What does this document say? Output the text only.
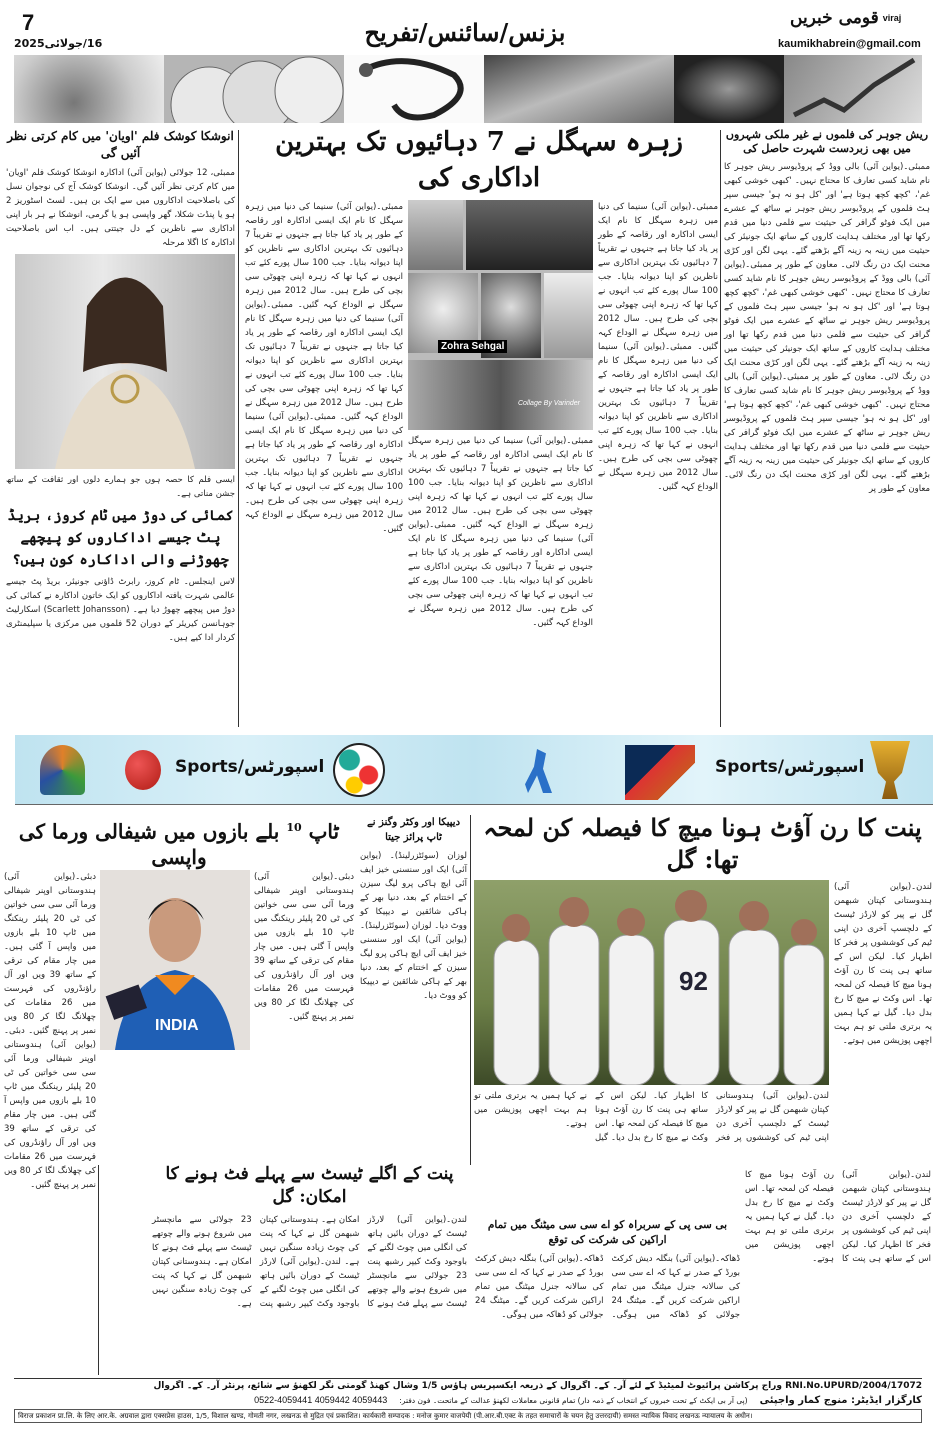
7
16/جولائی2025	بزنس/سائنس/تفریح	قومی خبریں viraj
kaumikhabrein@gmail.com
ریش جوہر کی فلموں نے غیر ملکی شہروں میں بھی زبردست شہرت حاصل کی
ممبئی۔(یواین آئی) بالی ووڈ کے پروڈیوسر ریش جوہر کا نام شاید کسی تعارف کا محتاج نہیں۔ 'کبھی خوشی کبھی غم'، 'کچھ کچھ ہوتا ہے' اور 'کل ہو نہ ہو' جیسی سپر ہٹ فلموں کے پروڈیوسر ریش جوہر نے ساٹھ کے عشرے میں ایک فوٹو گرافر کی حیثیت سے فلمی دنیا میں قدم رکھا تھا اور مختلف ہدایت کاروں کے ساتھ ایک جونیئر کی حیثیت میں زینہ بہ زینہ آگے بڑھتے گئے۔ یہی لگن اور کڑی محنت ایک دن رنگ لائی۔ معاون کے طور پر ممبئی۔(یواین آئی) بالی ووڈ کے پروڈیوسر ریش جوہر کا نام شاید کسی تعارف کا محتاج نہیں۔ 'کبھی خوشی کبھی غم'، 'کچھ کچھ ہوتا ہے' اور 'کل ہو نہ ہو' جیسی سپر ہٹ فلموں کے پروڈیوسر ریش جوہر نے ساٹھ کے عشرے میں ایک فوٹو گرافر کی حیثیت سے فلمی دنیا میں قدم رکھا تھا اور مختلف ہدایت کاروں کے ساتھ ایک جونیئر کی حیثیت میں زینہ بہ زینہ آگے بڑھتے گئے۔ یہی لگن اور کڑی محنت ایک دن رنگ لائی۔ معاون کے طور پر ممبئی۔(یواین آئی) بالی ووڈ کے پروڈیوسر ریش جوہر کا نام شاید کسی تعارف کا محتاج نہیں۔ 'کبھی خوشی کبھی غم'، 'کچھ کچھ ہوتا ہے' اور 'کل ہو نہ ہو' جیسی سپر ہٹ فلموں کے پروڈیوسر ریش جوہر نے ساٹھ کے عشرے میں ایک فوٹو گرافر کی حیثیت سے فلمی دنیا میں قدم رکھا تھا اور مختلف ہدایت کاروں کے ساتھ ایک جونیئر کی حیثیت میں زینہ بہ زینہ آگے بڑھتے گئے۔ یہی لگن اور کڑی محنت ایک دن رنگ لائی۔ معاون کے طور پر
زہرہ سہگل نے 7 دہائیوں تک بہترین اداکاری کی
ممبئی۔(یواین آئی) سنیما کی دنیا میں زہرہ سہگل کا نام ایک ایسی اداکارہ اور رقاصہ کے طور پر یاد کیا جاتا ہے جنہوں نے تقریباً 7 دہائیوں تک بہترین اداکاری سے ناظرین کو اپنا دیوانہ بنایا۔ جب 100 سال پورے کئے تب انہوں نے کہا تھا کہ زہرہ اپنی چھوٹی سی بچی کی طرح ہیں۔ سال 2012 میں زہرہ سہگل نے الوداع کہہ گئیں۔ ممبئی۔(یواین آئی) سنیما کی دنیا میں زہرہ سہگل کا نام ایک ایسی اداکارہ اور رقاصہ کے طور پر یاد کیا جاتا ہے جنہوں نے تقریباً 7 دہائیوں تک بہترین اداکاری سے ناظرین کو اپنا دیوانہ بنایا۔ جب 100 سال پورے کئے تب انہوں نے کہا تھا کہ زہرہ اپنی چھوٹی سی بچی کی طرح ہیں۔ سال 2012 میں زہرہ سہگل نے الوداع کہہ گئیں۔
Zohra Sehgal
Collage By Varinder
ممبئی۔(یواین آئی) سنیما کی دنیا میں زہرہ سہگل کا نام ایک ایسی اداکارہ اور رقاصہ کے طور پر یاد کیا جاتا ہے جنہوں نے تقریباً 7 دہائیوں تک بہترین اداکاری سے ناظرین کو اپنا دیوانہ بنایا۔ جب 100 سال پورے کئے تب انہوں نے کہا تھا کہ زہرہ اپنی چھوٹی سی بچی کی طرح ہیں۔ سال 2012 میں زہرہ سہگل نے الوداع کہہ گئیں۔ ممبئی۔(یواین آئی) سنیما کی دنیا میں زہرہ سہگل کا نام ایک ایسی اداکارہ اور رقاصہ کے طور پر یاد کیا جاتا ہے جنہوں نے تقریباً 7 دہائیوں تک بہترین اداکاری سے ناظرین کو اپنا دیوانہ بنایا۔ جب 100 سال پورے کئے تب انہوں نے کہا تھا کہ زہرہ اپنی چھوٹی سی بچی کی طرح ہیں۔ سال 2012 میں زہرہ سہگل نے الوداع کہہ گئیں۔
ممبئی۔(یواین آئی) سنیما کی دنیا میں زہرہ سہگل کا نام ایک ایسی اداکارہ اور رقاصہ کے طور پر یاد کیا جاتا ہے جنہوں نے تقریباً 7 دہائیوں تک بہترین اداکاری سے ناظرین کو اپنا دیوانہ بنایا۔ جب 100 سال پورے کئے تب انہوں نے کہا تھا کہ زہرہ اپنی چھوٹی سی بچی کی طرح ہیں۔ سال 2012 میں زہرہ سہگل نے الوداع کہہ گئیں۔ ممبئی۔(یواین آئی) سنیما کی دنیا میں زہرہ سہگل کا نام ایک ایسی اداکارہ اور رقاصہ کے طور پر یاد کیا جاتا ہے جنہوں نے تقریباً 7 دہائیوں تک بہترین اداکاری سے ناظرین کو اپنا دیوانہ بنایا۔ جب 100 سال پورے کئے تب انہوں نے کہا تھا کہ زہرہ اپنی چھوٹی سی بچی کی طرح ہیں۔ سال 2012 میں زہرہ سہگل نے الوداع کہہ گئیں۔ ممبئی۔(یواین آئی) سنیما کی دنیا میں زہرہ سہگل کا نام ایک ایسی اداکارہ اور رقاصہ کے طور پر یاد کیا جاتا ہے جنہوں نے تقریباً 7 دہائیوں تک بہترین اداکاری سے ناظرین کو اپنا دیوانہ بنایا۔ جب 100 سال پورے کئے تب انہوں نے کہا تھا کہ زہرہ اپنی چھوٹی سی بچی کی طرح ہیں۔ سال 2012 میں زہرہ سہگل نے الوداع کہہ گئیں۔
انوشکا کوشک فلم 'اویان' میں کام کرتی نظر آئیں گی
ممبئی، 12 جولائی (یواین آئی) اداکارہ انوشکا کوشک فلم 'اویان' میں کام کرتی نظر آئیں گی۔ انوشکا کوشک آج کی نوجوان نسل کی باصلاحیت اداکاروں میں سے ایک بن ہیں۔ لسٹ اسٹوریز 2 ہو یا پنڈت شکلا، گھر واپسی ہو یا گرمی، انوشکا نے ہر بار اپنی اداکاری سے ناظرین کے دل جیتتی ہیں۔ اب اس باصلاحیت اداکارہ کا اگلا مرحلہ
ایسی فلم کا حصہ ہوں جو ہمارے دلوں اور ثقافت کے ساتھ جشن مناتی ہے۔
کمائی کی دوڑ میں ٹام کروز، بریڈ پٹ جیسے اداکاروں کو پیچھے چھوڑنے والی اداکارہ کون ہیں؟
لاس اینجلس۔ ٹام کروز، رابرٹ ڈاؤنی جونیئر، بریڈ پٹ جیسے عالمی شہرت یافتہ اداکاروں کو ایک خاتون اداکارہ نے کمائی کی دوڑ میں پیچھے چھوڑ دیا ہے۔ (Scarlett Johansson) اسکارلیٹ جوہانسن کیریئر کے دوران 52 فلموں میں مرکزی یا سپلیمنٹری کردار ادا کیے ہیں۔
اسپورٹس/Sports	اسپورٹس/Sports
پنت کا رن آؤٹ ہونا میچ کا فیصلہ کن لمحہ تھا: گل
لندن۔(یواین آئی) ہندوستانی کپتان شبھمن گل نے پیر کو لارڈز ٹیسٹ کے دلچسپ آخری دن اپنی ٹیم کی کوششوں پر فخر کا اظہار کیا۔ لیکن اس کے ساتھ ہی پنت کا رن آؤٹ ہونا میچ کا فیصلہ کن لمحہ تھا۔ اس وکٹ نے میچ کا رخ بدل دیا۔ گیل نے کہا ہمیں یہ برتری ملتی تو ہم بہت اچھی پوزیشن میں ہوتے۔
92
لندن۔(یواین آئی) ہندوستانی کپتان شبھمن گل نے پیر کو لارڈز ٹیسٹ کے دلچسپ آخری دن اپنی ٹیم کی کوششوں پر فخر کا اظہار کیا۔ لیکن اس کے ساتھ ہی پنت کا رن آؤٹ ہونا میچ کا فیصلہ کن لمحہ تھا۔ اس وکٹ نے میچ کا رخ بدل دیا۔ گیل نے کہا ہمیں یہ برتری ملتی تو ہم بہت اچھی پوزیشن میں ہوتے۔
لندن۔(یواین آئی) ہندوستانی کپتان شبھمن گل نے پیر کو لارڈز ٹیسٹ کے دلچسپ آخری دن اپنی ٹیم کی کوششوں پر فخر کا اظہار کیا۔ لیکن اس کے ساتھ ہی پنت کا رن آؤٹ ہونا میچ کا فیصلہ کن لمحہ تھا۔ اس وکٹ نے میچ کا رخ بدل دیا۔ گیل نے کہا ہمیں یہ برتری ملتی تو ہم بہت اچھی پوزیشن میں ہوتے۔
دیپیکا اور وکٹر وگنز نے ٹاپ پرائز جیتا
لوزان (سوئٹزرلینڈ)۔ (یواین آئی) ایک اور سنسنی خیز ایف آئی ایچ ہاکی پرو لیگ سیزن کے اختتام کے بعد، دنیا بھر کے ہاکی شائقین نے دیپیکا کو ووٹ دیا۔ لوزان (سوئٹزرلینڈ)۔ (یواین آئی) ایک اور سنسنی خیز ایف آئی ایچ ہاکی پرو لیگ سیزن کے اختتام کے بعد، دنیا بھر کے ہاکی شائقین نے دیپیکا کو ووٹ دیا۔
ٹاپ $^{10}$ بلے بازوں میں شیفالی ورما کی واپسی
INDIA
دبئی۔(یواین آئی) ہندوستانی اوپنر شیفالی ورما آئی سی سی خواتین کی ٹی 20 پلیئر رینکنگ میں ٹاپ 10 بلے بازوں میں واپس آ گئی ہیں۔ میں چار مقام کی ترقی کے ساتھ 39 ویں اور آل راؤنڈروں کی فہرست میں 26 مقامات کی چھلانگ لگا کر 80 ویں نمبر پر پہنچ گئیں۔
دبئی۔(یواین آئی) ہندوستانی اوپنر شیفالی ورما آئی سی سی خواتین کی ٹی 20 پلیئر رینکنگ میں ٹاپ 10 بلے بازوں میں واپس آ گئی ہیں۔ میں چار مقام کی ترقی کے ساتھ 39 ویں اور آل راؤنڈروں کی فہرست میں 26 مقامات کی چھلانگ لگا کر 80 ویں نمبر پر پہنچ گئیں۔ دبئی۔(یواین آئی) ہندوستانی اوپنر شیفالی ورما آئی سی سی خواتین کی ٹی 20 پلیئر رینکنگ میں ٹاپ 10 بلے بازوں میں واپس آ گئی ہیں۔ میں چار مقام کی ترقی کے ساتھ 39 ویں اور آل راؤنڈروں کی فہرست میں 26 مقامات کی چھلانگ لگا کر 80 ویں نمبر پر پہنچ گئیں۔
پنت کے اگلے ٹیسٹ سے پہلے فٹ ہونے کا امکان: گل
لندن۔(یواین آئی) لارڈز ٹیسٹ کے دوران بائیں ہاتھ کی انگلی میں چوٹ لگنے کے باوجود وکٹ کیپر رشبھ پنت 23 جولائی سے مانچسٹر میں شروع ہونے والے چوتھے ٹیسٹ سے پہلے فٹ ہونے کا امکان ہے۔ ہندوستانی کپتان شبھمن گل نے کہا کہ پنت کی چوٹ زیادہ سنگین نہیں ہے۔ لندن۔(یواین آئی) لارڈز ٹیسٹ کے دوران بائیں ہاتھ کی انگلی میں چوٹ لگنے کے باوجود وکٹ کیپر رشبھ پنت 23 جولائی سے مانچسٹر میں شروع ہونے والے چوتھے ٹیسٹ سے پہلے فٹ ہونے کا امکان ہے۔ ہندوستانی کپتان شبھمن گل نے کہا کہ پنت کی چوٹ زیادہ سنگین نہیں ہے۔
بی سی پی کے سربراہ کو اے سی سی میٹنگ میں تمام اراکین کی شرکت کی توقع
ڈھاکہ۔(یواین آئی) بنگلہ دیش کرکٹ بورڈ کے صدر نے کہا کہ اے سی سی کی سالانہ جنرل میٹنگ میں تمام اراکین شرکت کریں گے۔ میٹنگ 24 جولائی کو ڈھاکہ میں ہوگی۔ ڈھاکہ۔(یواین آئی) بنگلہ دیش کرکٹ بورڈ کے صدر نے کہا کہ اے سی سی کی سالانہ جنرل میٹنگ میں تمام اراکین شرکت کریں گے۔ میٹنگ 24 جولائی کو ڈھاکہ میں ہوگی۔
RNI.No.UPURD/2004/17072 وراج پرکاشن پرائیوٹ لمیٹیڈ کے لئے آر۔ کے۔ اگروال کے ذریعہ ایکسپریس ہاؤس 1/5 وشال کھنڈ گومتی نگر لکھنؤ سے شائع، پرنٹر آر۔ کے۔ اگروال
کارگزار ایڈیٹر: منوج کمار واجپئی
(پی آر بی ایکٹ کے تحت خبروں کے انتخاب کے ذمہ دار) تمام قانونی معاملات لکھنؤ عدالت کے ماتحت۔ فون دفتر:
0522-4059441 4059442 4059443
विराज प्रकाशन प्रा.लि. के लिए आर.के. अग्रवाल द्वारा एक्सप्रेस हाउस, 1/5, विशाल खण्ड, गोमती नगर, लखनऊ से मुद्रित एवं प्रकाशित। कार्यकारी सम्पादक : मनोज कुमार वाजपेयी (पी.आर.बी.एक्ट के तहत समाचारों के चयन हेतु उत्तरदायी) समस्त न्यायिक विवाद लखनऊ न्यायालय के अधीन।
